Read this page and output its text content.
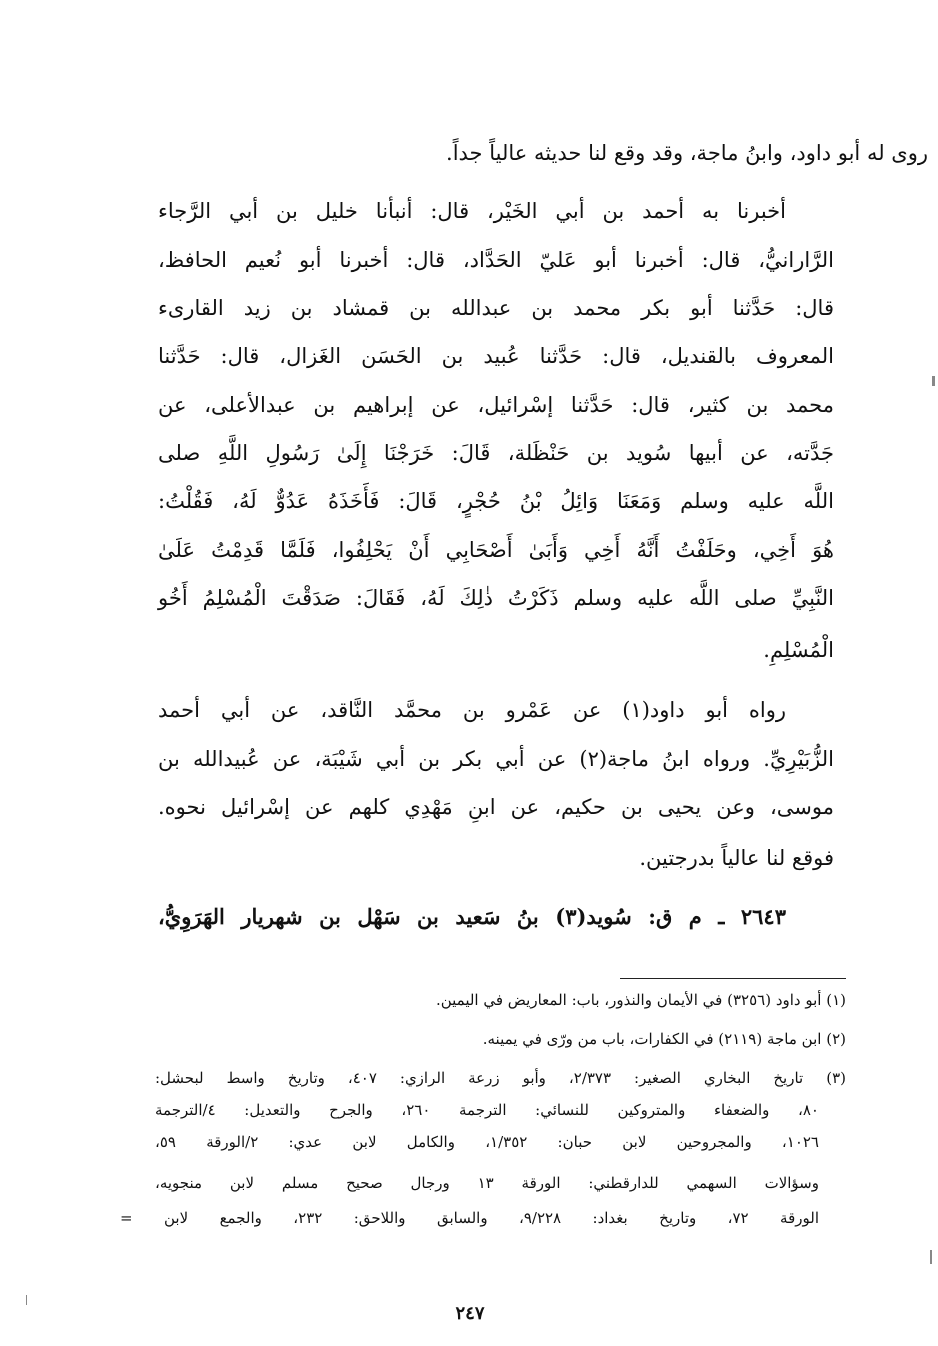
روى له أبو داود، وابنُ ماجة، وقد وقع لنا حديثه عالياً جداً.
أخبرنا به أحمد بن أبي الخَيْر، قال: أنبأنا خليل بن أبي الرَّجاء
الرَّارانيُّ، قال: أخبرنا أبو عَليّ الحَدَّاد، قال: أخبرنا أبو نُعيم الحافظ،
قال: حَدَّثنا أبو بكر محمد بن عبدالله بن قمشاد بن زيد القارىء
المعروف بالقنديل، قال: حَدَّثنا عُبيد بن الحَسَن الغَزال، قال: حَدَّثنا
محمد بن كثير، قال: حَدَّثنا إسْرائيل، عن إبراهيم بن عبدالأعلى، عن
جَدَّته، عن أبيها سُويد بن حَنْظَلة، قَالَ: خَرَجْنَا إِلَىٰ رَسُولِ اللَّهِ صلى
اللَّه عليه وسلم وَمَعَنَا وَائِلُ بْنُ حُجْرٍ، قَالَ: فَأَخَذَهُ عَدُوٌّ لَهُ، فَقُلْتُ:
هُوَ أَخِي، وحَلَفْتُ أَنَّهُ أَخِي وَأَبَىٰ أَصْحَابِي أَنْ يَحْلِفُوا، فَلَمَّا قَدِمْتُ عَلَىٰ
النَّبِيِّ صلى اللَّه عليه وسلم ذَكَرْتُ ذٰلِكَ لَهُ، فَقَالَ: صَدَقْتَ الْمُسْلِمُ أَخُو
الْمُسْلِمِ.
رواه أبو داود(١) عن عَمْرو بن محمَّد النَّاقد، عن أبي أحمد
الزُّبَيْرِيِّ. ورواه ابنُ ماجة(٢) عن أبي بكر بن أبي شَيْبَة، عن عُبيدالله بن
موسى، وعن يحيى بن حكيم، عن ابنِ مَهْدِي كلهم عن إسْرائيل نحوه.
فوقع لنا عالياً بدرجتين.
٢٦٤٣ ـ م ق: سُويد(٣) بنُ سَعيد بن سَهْل بن شهريار الهَرَوِيُّ،
(١) أبو داود (٣٢٥٦) في الأيمان والنذور، باب: المعاريض في اليمين.
(٢) ابن ماجة (٢١١٩) في الكفارات، باب من ورّى في يمينه.
(٣) تاريخ البخاري الصغير: ٢/٣٧٣، وأبو زرعة الرازي: ٤٠٧، وتاريخ واسط لبحشل:
٨٠، والضعفاء والمتروكين للنسائي: الترجمة ٢٦٠، والجرح والتعديل: ٤/الترجمة
١٠٢٦، والمجروحين لابن حبان: ١/٣٥٢، والكامل لابن عدي: ٢/الورقة ٥٩،
وسؤالات السهمي للدارقطني: الورقة ١٣ ورجال صحيح مسلم لابن منجويه،
الورقة ٧٢، وتاريخ بغداد: ٩/٢٢٨، والسابق واللاحق: ٢٣٢، والجمع لابن =
٢٤٧
